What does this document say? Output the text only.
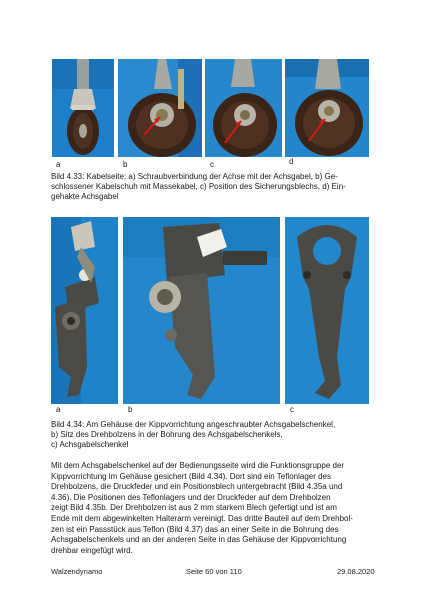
a	b	c	d
Bild 4.33: Kabelseite: a) Schraubverbindung der Achse mit der Achsgabel, b) Ge-
schlossener Kabelschuh mit Massekabel, c) Position des Sicherungsblechs, d) Ein-
gehakte Achsgabel
a	b	c
Bild 4.34: Am Gehäuse der Kippvorrichtung angeschraubter Achsgabelschenkel,
b) Sitz des Drehbolzens in der Bohrung des Achsgabelschenkels,
c) Achsgabelschenkel

Mit dem Achsgabelschenkel auf der Bedienungsseite wird die Funktionsgruppe der

Kippvorrichtung im Gehäuse gesichert (Bild 4.34). Dort sind ein Teflonlager des

Drehbolzens, die Druckfeder und ein Positionsblech untergebracht (Bild 4.35a und

4.36). Die Positionen des Teflonlagers und der Druckfeder auf dem Drehbolzen

zeigt Bild 4.35b. Der Drehbolzen ist aus 2 mm starkem Blech gefertigt und ist am

Ende mit dem abgewinkelten Halterarm vereinigt. Das dritte Bauteil auf dem Drehbol-

zen ist ein Passstück aus Teflon (Bild 4.37) das an einer Seite in die Bohrung des

Achsgabelschenkels und an der anderen Seite in das Gehäuse der Kippvorrichtung

drehbar eingefügt wird.

Walzendynamo	Seite 60 von 110	29.08.2020
